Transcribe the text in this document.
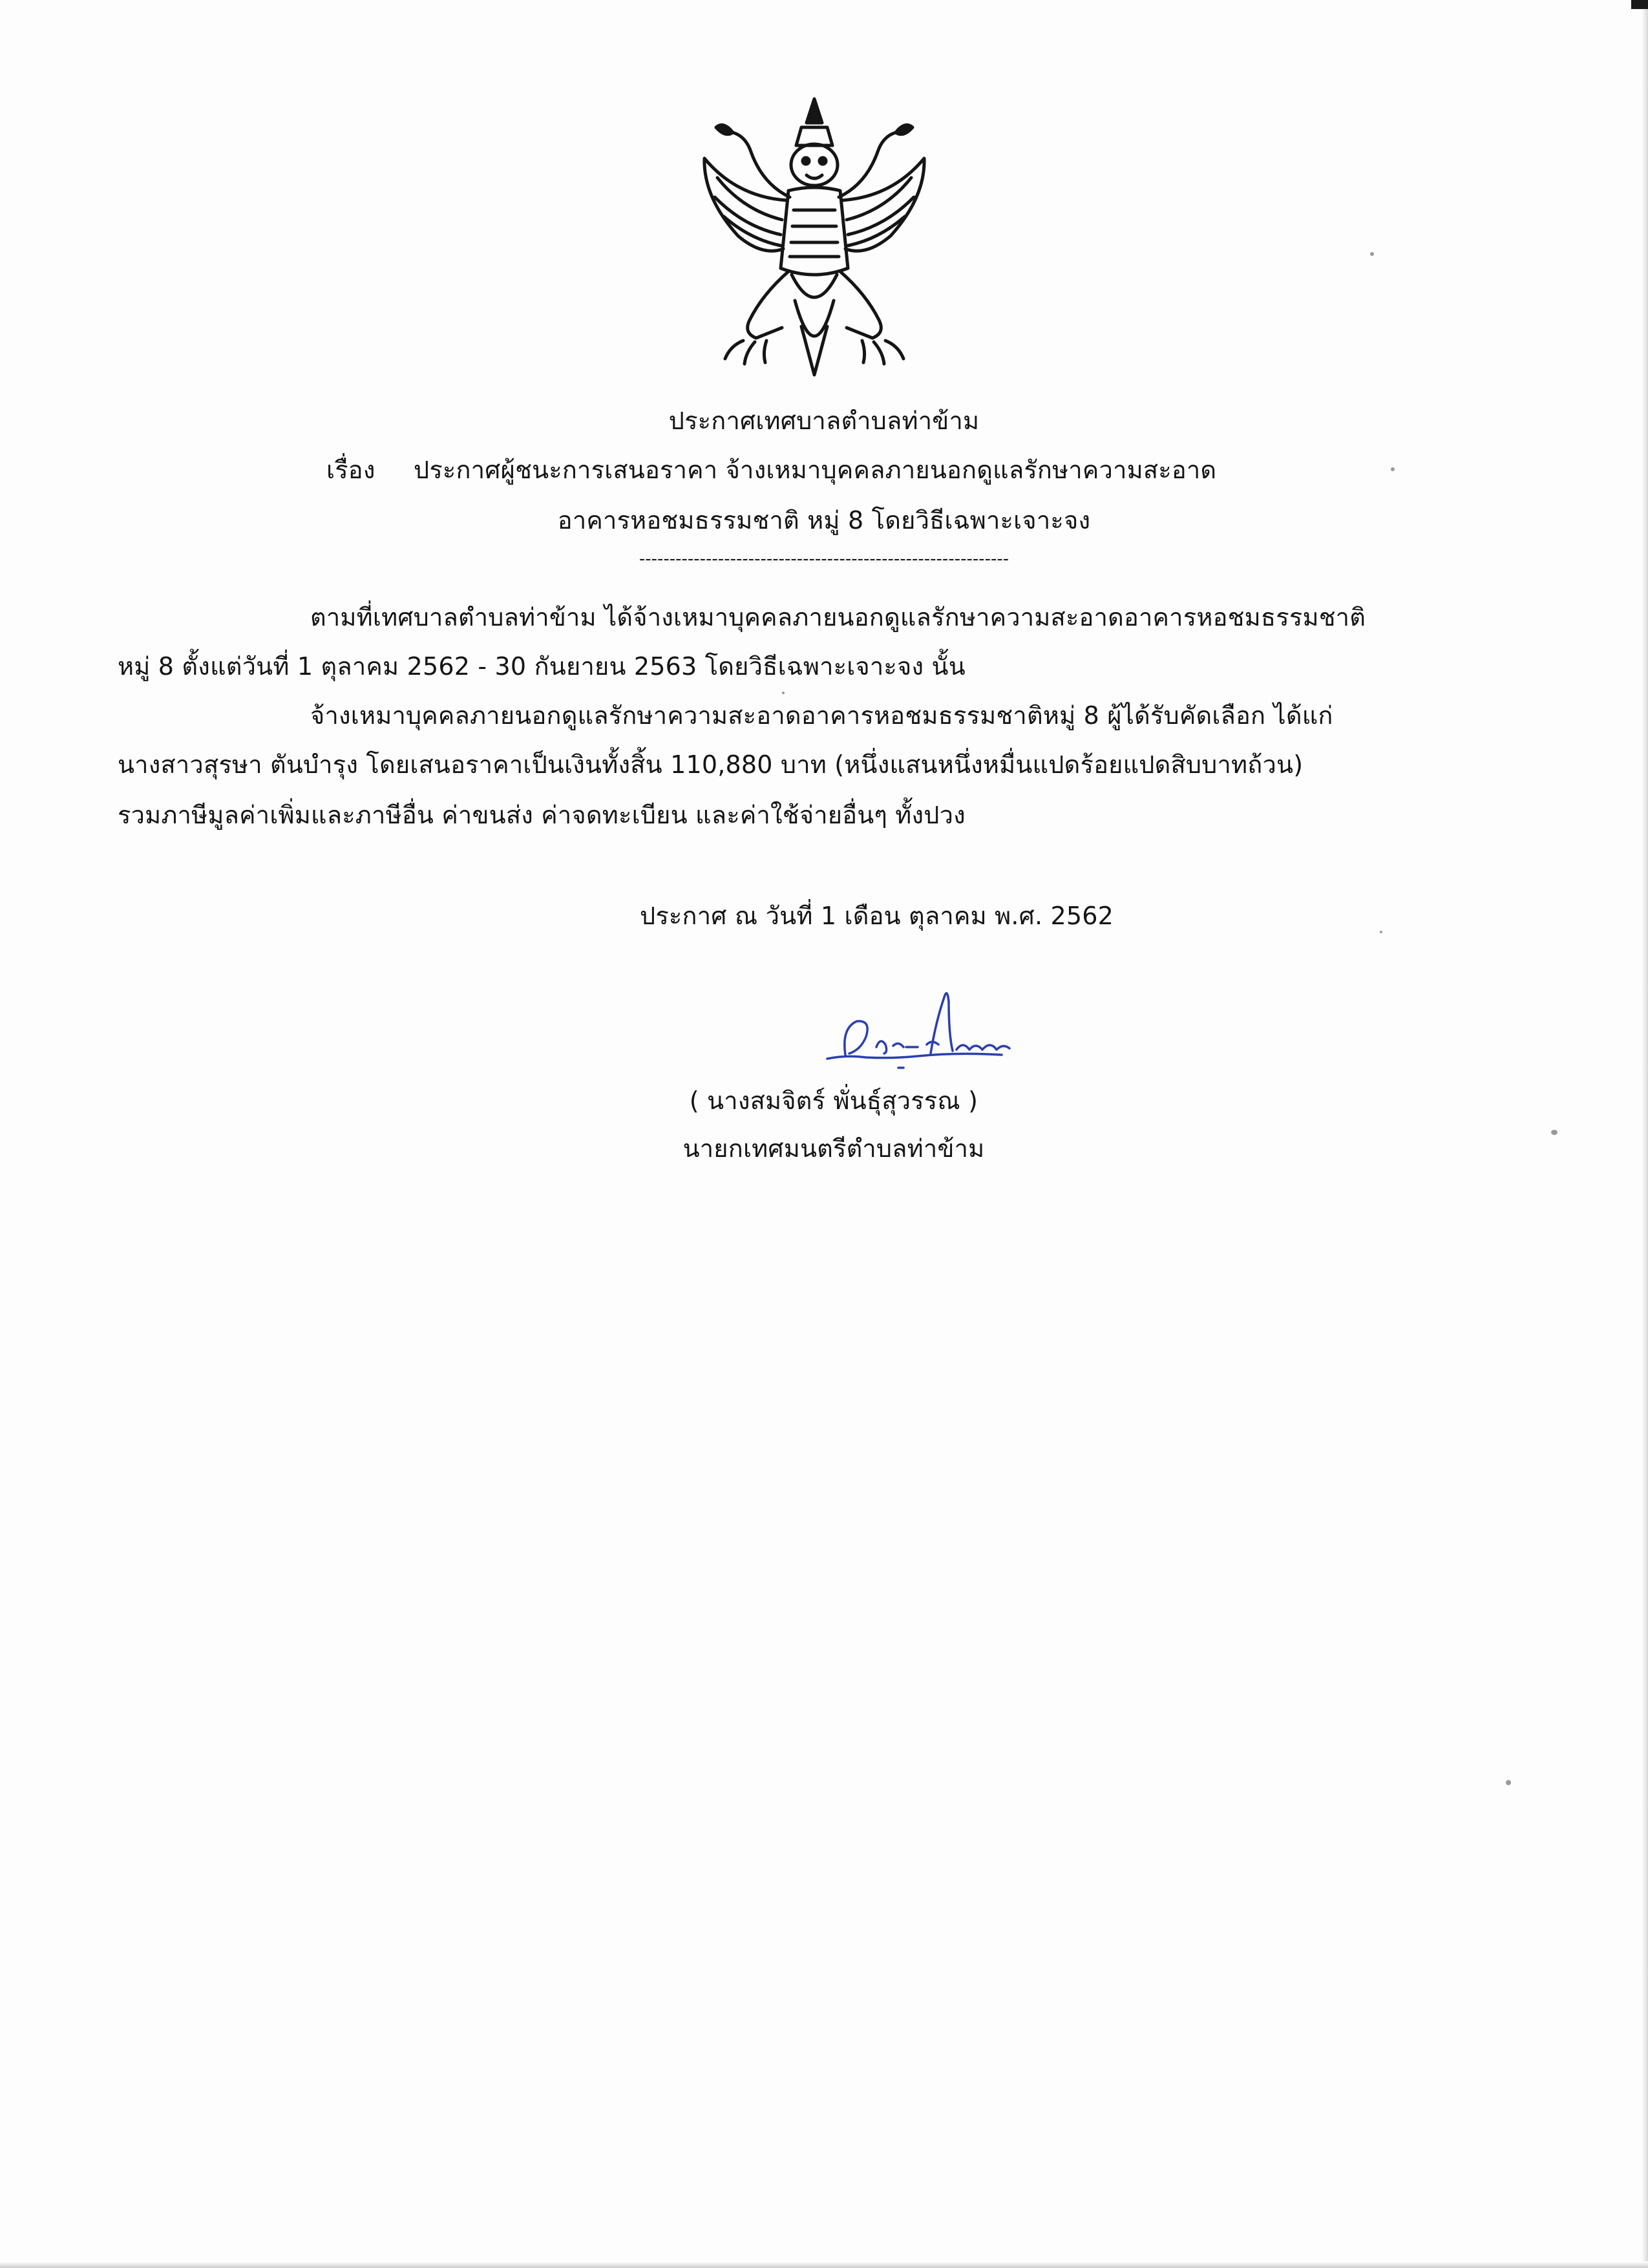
ประกาศเทศบาลตำบลท่าข้าม
เรื่อง ประกาศผู้ชนะการเสนอราคา จ้างเหมาบุคคลภายนอกดูแลรักษาความสะอาด
อาคารหอชมธรรมชาติ หมู่ 8 โดยวิธีเฉพาะเจาะจง
-------------------------------------------------------------
ตามที่เทศบาลตำบลท่าข้าม ได้จ้างเหมาบุคคลภายนอกดูแลรักษาความสะอาดอาคารหอชมธรรมชาติ
หมู่ 8 ตั้งแต่วันที่ 1 ตุลาคม 2562 - 30 กันยายน 2563 โดยวิธีเฉพาะเจาะจง นั้น
จ้างเหมาบุคคลภายนอกดูแลรักษาความสะอาดอาคารหอชมธรรมชาติหมู่ 8 ผู้ได้รับคัดเลือก ได้แก่
นางสาวสุรษา ตันบำรุง โดยเสนอราคาเป็นเงินทั้งสิ้น 110,880 บาท (หนึ่งแสนหนึ่งหมื่นแปดร้อยแปดสิบบาทถ้วน)
รวมภาษีมูลค่าเพิ่มและภาษีอื่น ค่าขนส่ง ค่าจดทะเบียน และค่าใช้จ่ายอื่นๆ ทั้งปวง
ประกาศ ณ วันที่ 1 เดือน ตุลาคม พ.ศ. 2562
( นางสมจิตร์ พั่นธุ์สุวรรณ )
นายกเทศมนตรีตำบลท่าข้าม
